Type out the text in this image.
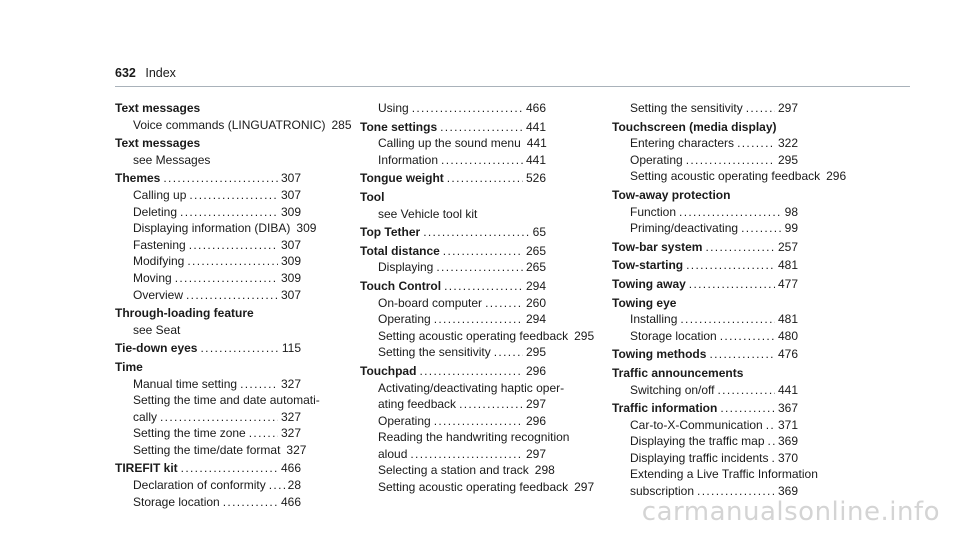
632 Index
Text messages
Voice commands (LINGUATRONIC) 285
Text messages
see Messages
Themes . . .	307
Calling up . . .	307
Deleting . . .	309
Displaying information (DIBA) 309
Fastening . . .	307
Modifying . . .	309
Moving . . .	309
Overview . . .	307
Through-loading feature
see Seat
Tie-down eyes . . .	115
Time
Manual time setting . . .	327
Setting the time and date automati-
cally . . .	327
Setting the time zone . . .	327
Setting the time/date format 327
TIREFIT kit . . .	466
Declaration of conformity . . . 28
Storage location . . .	466
Using . . .	466
Tone settings . . .	441
Calling up the sound menu 441
Information . . .	441
Tongue weight . . .	526
Tool
see Vehicle tool kit
Top Tether . . .	65
Total distance . . .	265
Displaying . . .	265
Touch Control . . .	294
On-board computer . . .	260
Operating . . .	294
Setting acoustic operating feedback 295
Setting the sensitivity . . .	295
Touchpad . . .	296
Activating/deactivating haptic oper-
ating feedback . . .	297
Operating . . .	296
Reading the handwriting recognition
aloud . . .	297
Selecting a station and track 298
Setting acoustic operating feedback 297
Setting the sensitivity . . .	297
Touchscreen (media display)
Entering characters . . .	322
Operating . . .	295
Setting acoustic operating feedback 296
Tow-away protection
Function . . .	98
Priming/deactivating . . .	99
Tow-bar system . . .	257
Tow-starting . . .	481
Towing away . . .	477
Towing eye
Installing . . .	481
Storage location . . .	480
Towing methods . . .	476
Traffic announcements
Switching on/off . . .	441
Traffic information . . .	367
Car-to-X-Communication . . . 371
Displaying the traffic map . . . 369
Displaying traffic incidents . . . 370
Extending a Live Traffic Information
subscription . . .	369
carmanualsonline.info
